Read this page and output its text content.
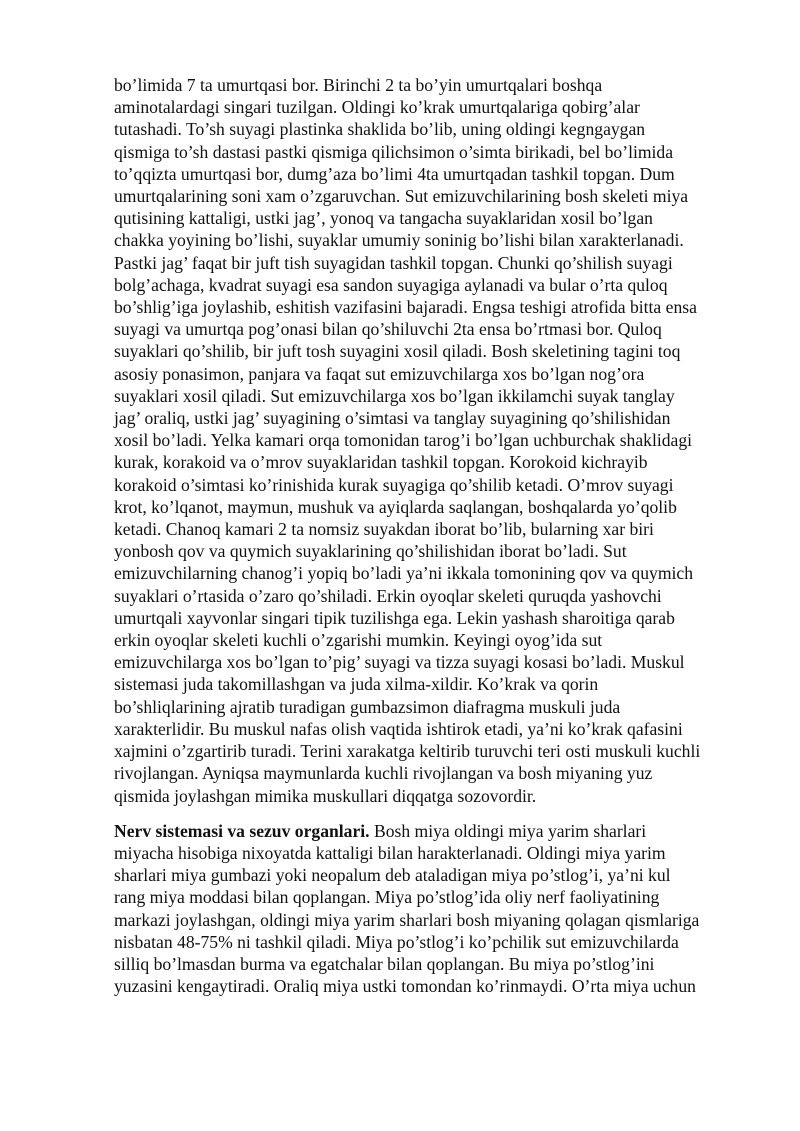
bo’limida 7 ta umurtqasi bor. Birinchi 2 ta bo’yin umurtqalari boshqa
aminotalardagi singari tuzilgan. Oldingi ko’krak umurtqalariga qobirg’alar
tutashadi. To’sh suyagi plastinka shaklida bo’lib, uning oldingi kegngaygan
qismiga to’sh dastasi pastki qismiga qilichsimon o’simta birikadi, bel bo’limida
to’qqizta umurtqasi bor, dumg’aza bo’limi 4ta umurtqadan tashkil topgan. Dum
umurtqalarining soni xam o’zgaruvchan. Sut emizuvchilarining bosh skeleti miya
qutisining kattaligi, ustki jag’, yonoq va tangacha suyaklaridan xosil bo’lgan
chakka yoyining bo’lishi, suyaklar umumiy soninig bo’lishi bilan xarakterlanadi.
Pastki jag’ faqat bir juft tish suyagidan tashkil topgan. Chunki qo’shilish suyagi
bolg’achaga, kvadrat suyagi esa sandon suyagiga aylanadi va bular o’rta quloq
bo’shlig’iga joylashib, eshitish vazifasini bajaradi. Engsa teshigi atrofida bitta ensa
suyagi va umurtqa pog’onasi bilan qo’shiluvchi 2ta ensa bo’rtmasi bor. Quloq
suyaklari qo’shilib, bir juft tosh suyagini xosil qiladi. Bosh skeletining tagini toq
asosiy ponasimon, panjara va faqat sut emizuvchilarga xos bo’lgan nog’ora
suyaklari xosil qiladi. Sut emizuvchilarga xos bo’lgan ikkilamchi suyak tanglay
jag’ oraliq, ustki jag’ suyagining o’simtasi va tanglay suyagining qo’shilishidan
xosil bo’ladi. Yelka kamari orqa tomonidan tarog’i bo’lgan uchburchak shaklidagi
kurak, korakoid va o’mrov suyaklaridan tashkil topgan. Korokoid kichrayib
korakoid o’simtasi ko’rinishida kurak suyagiga qo’shilib ketadi. O’mrov suyagi
krot, ko’lqanot, maymun, mushuk va ayiqlarda saqlangan, boshqalarda yo’qolib
ketadi. Chanoq kamari 2 ta nomsiz suyakdan iborat bo’lib, bularning xar biri
yonbosh qov va quymich suyaklarining qo’shilishidan iborat bo’ladi. Sut
emizuvchilarning chanog’i yopiq bo’ladi ya’ni ikkala tomonining qov va quymich
suyaklari o’rtasida o’zaro qo’shiladi. Erkin oyoqlar skeleti quruqda yashovchi
umurtqali xayvonlar singari tipik tuzilishga ega. Lekin yashash sharoitiga qarab
erkin oyoqlar skeleti kuchli o’zgarishi mumkin. Keyingi oyog’ida sut
emizuvchilarga xos bo’lgan to’pig’ suyagi va tizza suyagi kosasi bo’ladi. Muskul
sistemasi juda takomillashgan va juda xilma-xildir. Ko’krak va qorin
bo’shliqlarining ajratib turadigan gumbazsimon diafragma muskuli juda
xarakterlidir. Bu muskul nafas olish vaqtida ishtirok etadi, ya’ni ko’krak qafasini
xajmini o’zgartirib turadi. Terini xarakatga keltirib turuvchi teri osti muskuli kuchli
rivojlangan. Ayniqsa maymunlarda kuchli rivojlangan va bosh miyaning yuz
qismida joylashgan mimika muskullari diqqatga sozovordir.

Nerv sistemasi va sezuv organlari. Bosh miya oldingi miya yarim sharlari
miyacha hisobiga nixoyatda kattaligi bilan harakterlanadi. Oldingi miya yarim
sharlari miya gumbazi yoki neopalum deb ataladigan miya po’stlog’i, ya’ni kul
rang miya moddasi bilan qoplangan. Miya po’stlog’ida oliy nerf faoliyatining
markazi joylashgan, oldingi miya yarim sharlari bosh miyaning qolagan qismlariga
nisbatan 48-75% ni tashkil qiladi. Miya po’stlog’i ko’pchilik sut emizuvchilarda
silliq bo’lmasdan burma va egatchalar bilan qoplangan. Bu miya po’stlog’ini
yuzasini kengaytiradi. Oraliq miya ustki tomondan ko’rinmaydi. O’rta miya uchun
